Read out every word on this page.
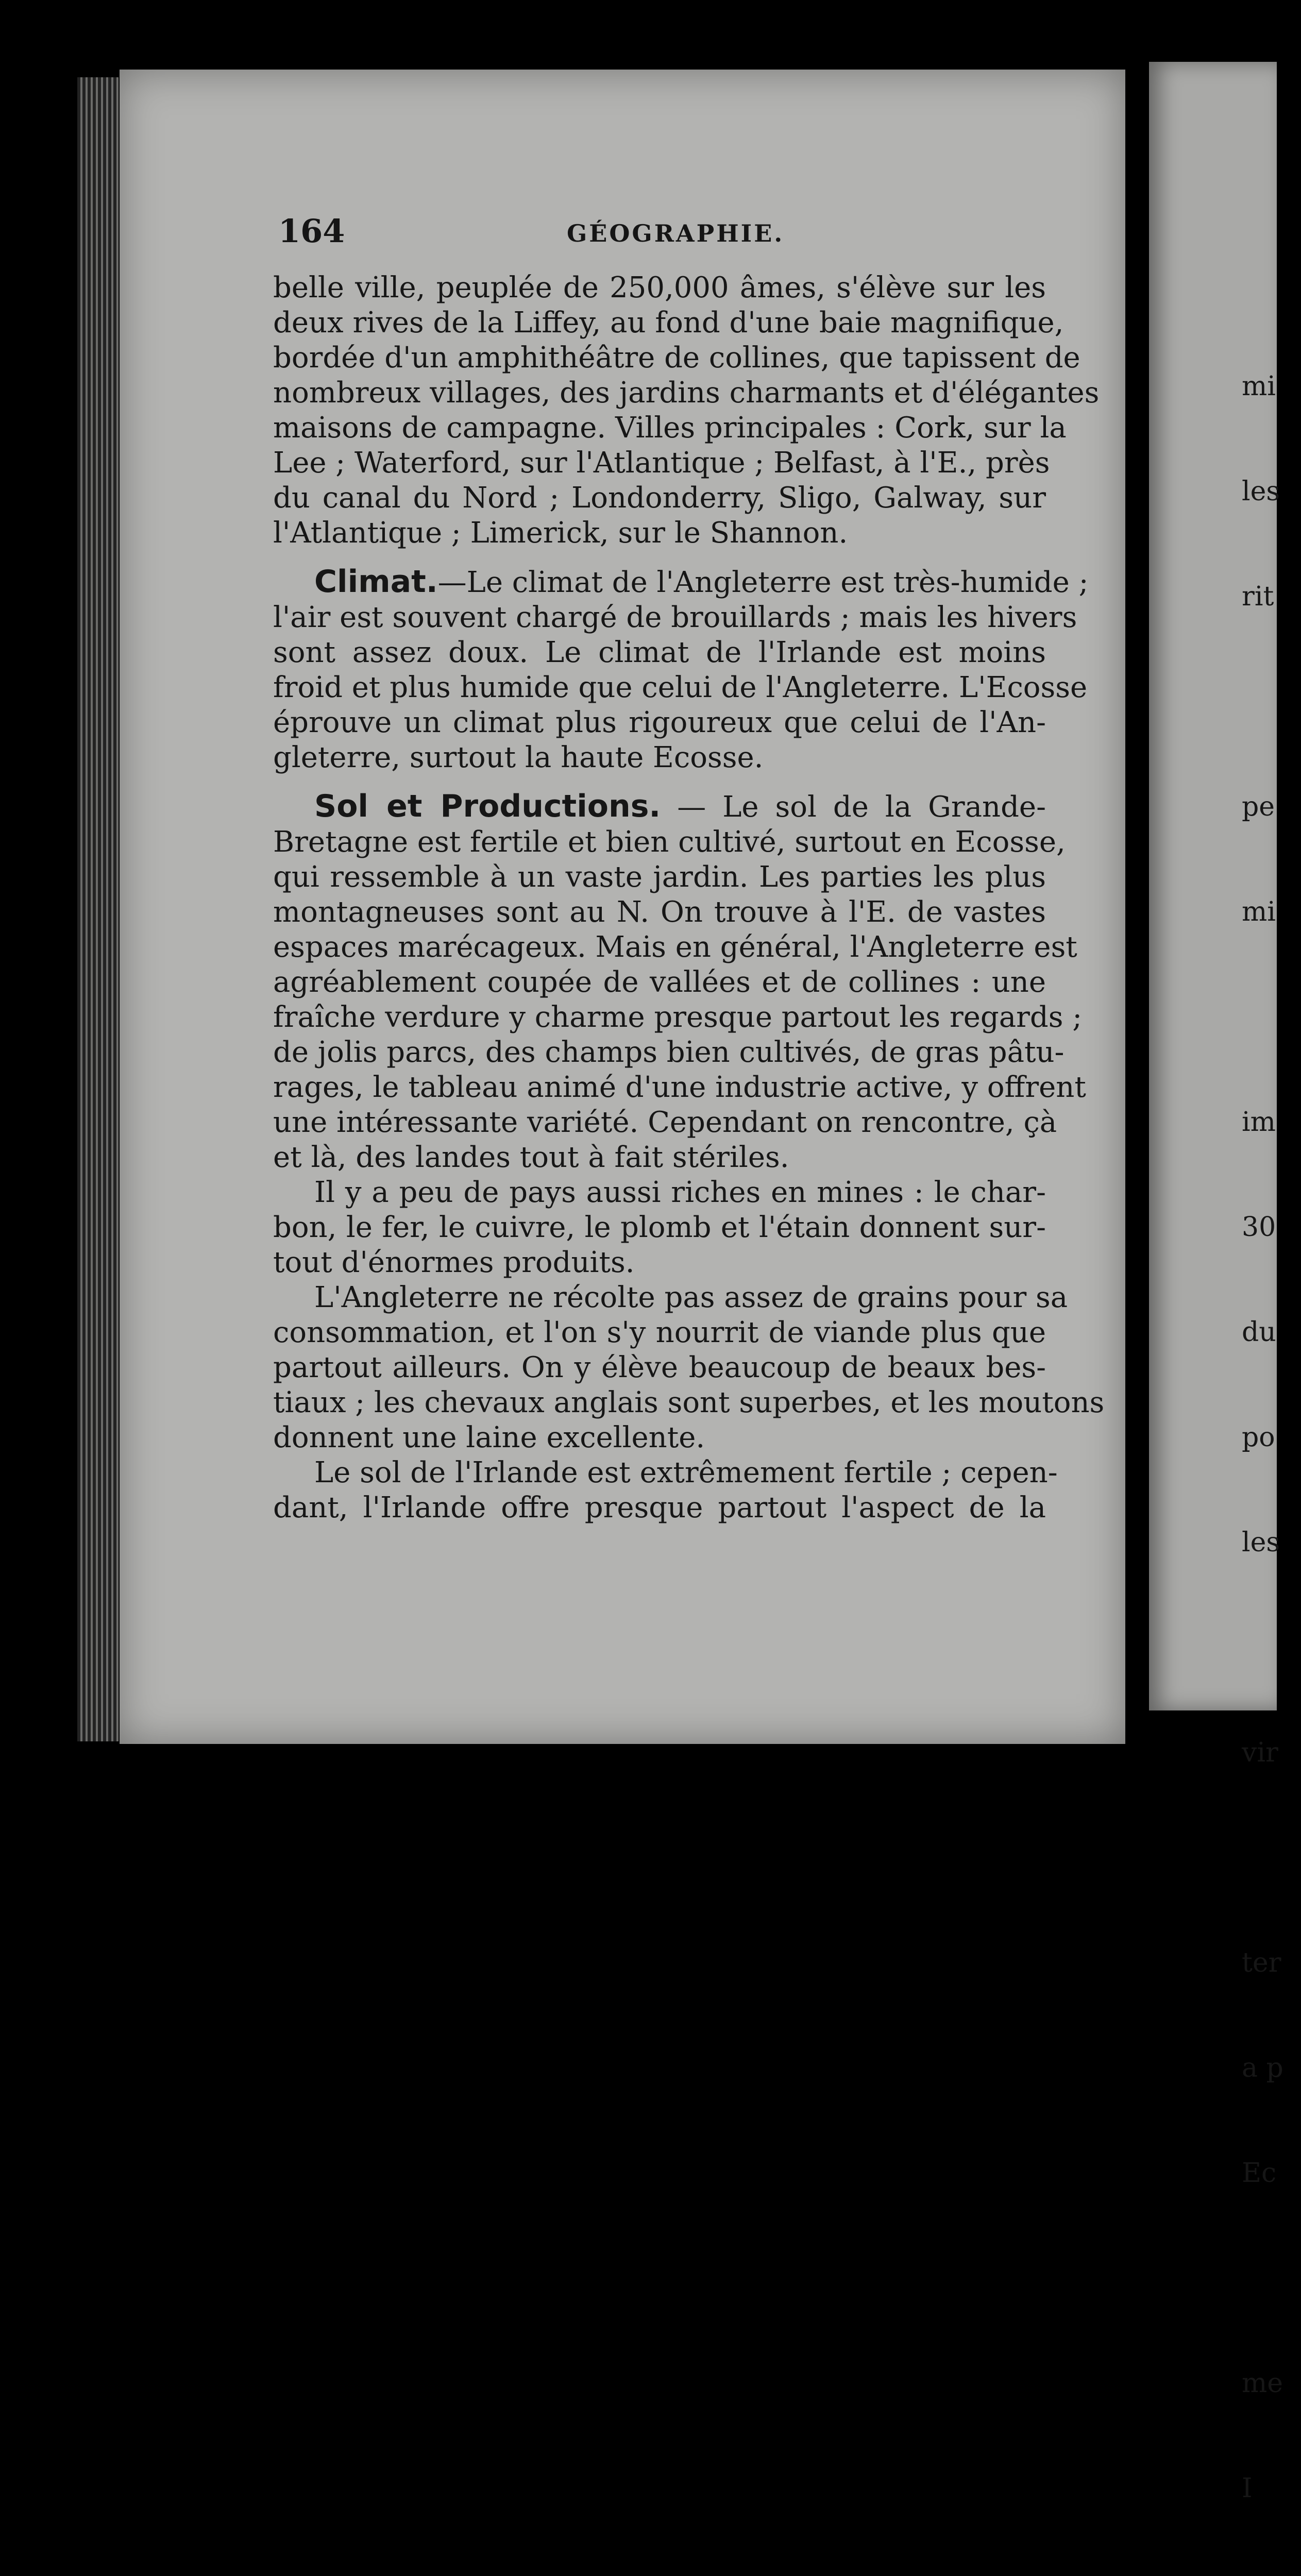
164	GÉOGRAPHIE.
belle ville, peuplée de 250,000 âmes, s'élève sur les
deux rives de la Liffey, au fond d'une baie magnifique,
bordée d'un amphithéâtre de collines, que tapissent de
nombreux villages, des jardins charmants et d'élégantes
maisons de campagne. Villes principales : Cork, sur la
Lee ; Waterford, sur l'Atlantique ; Belfast, à l'E., près
du canal du Nord ; Londonderry, Sligo, Galway, sur
l'Atlantique ; Limerick, sur le Shannon.
Climat.—Le climat de l'Angleterre est très-humide ;
l'air est souvent chargé de brouillards ; mais les hivers
sont assez doux. Le climat de l'Irlande est moins
froid et plus humide que celui de l'Angleterre. L'Ecosse
éprouve un climat plus rigoureux que celui de l'An-
gleterre, surtout la haute Ecosse.
Sol et Productions. — Le sol de la Grande-
Bretagne est fertile et bien cultivé, surtout en Ecosse,
qui ressemble à un vaste jardin. Les parties les plus
montagneuses sont au N. On trouve à l'E. de vastes
espaces marécageux. Mais en général, l'Angleterre est
agréablement coupée de vallées et de collines : une
fraîche verdure y charme presque partout les regards ;
de jolis parcs, des champs bien cultivés, de gras pâtu-
rages, le tableau animé d'une industrie active, y offrent
une intéressante variété. Cependant on rencontre, çà
et là, des landes tout à fait stériles.
Il y a peu de pays aussi riches en mines : le char-
bon, le fer, le cuivre, le plomb et l'étain donnent sur-
tout d'énormes produits.
L'Angleterre ne récolte pas assez de grains pour sa
consommation, et l'on s'y nourrit de viande plus que
partout ailleurs. On y élève beaucoup de beaux bes-
tiaux ; les chevaux anglais sont superbes, et les moutons
donnent une laine excellente.
Le sol de l'Irlande est extrêmement fertile ; cepen-
dant, l'Irlande offre presque partout l'aspect de la

mi

les

rit

pe

mi

im

30

du

po

les

vir

ter

a p

Ec

me

I
